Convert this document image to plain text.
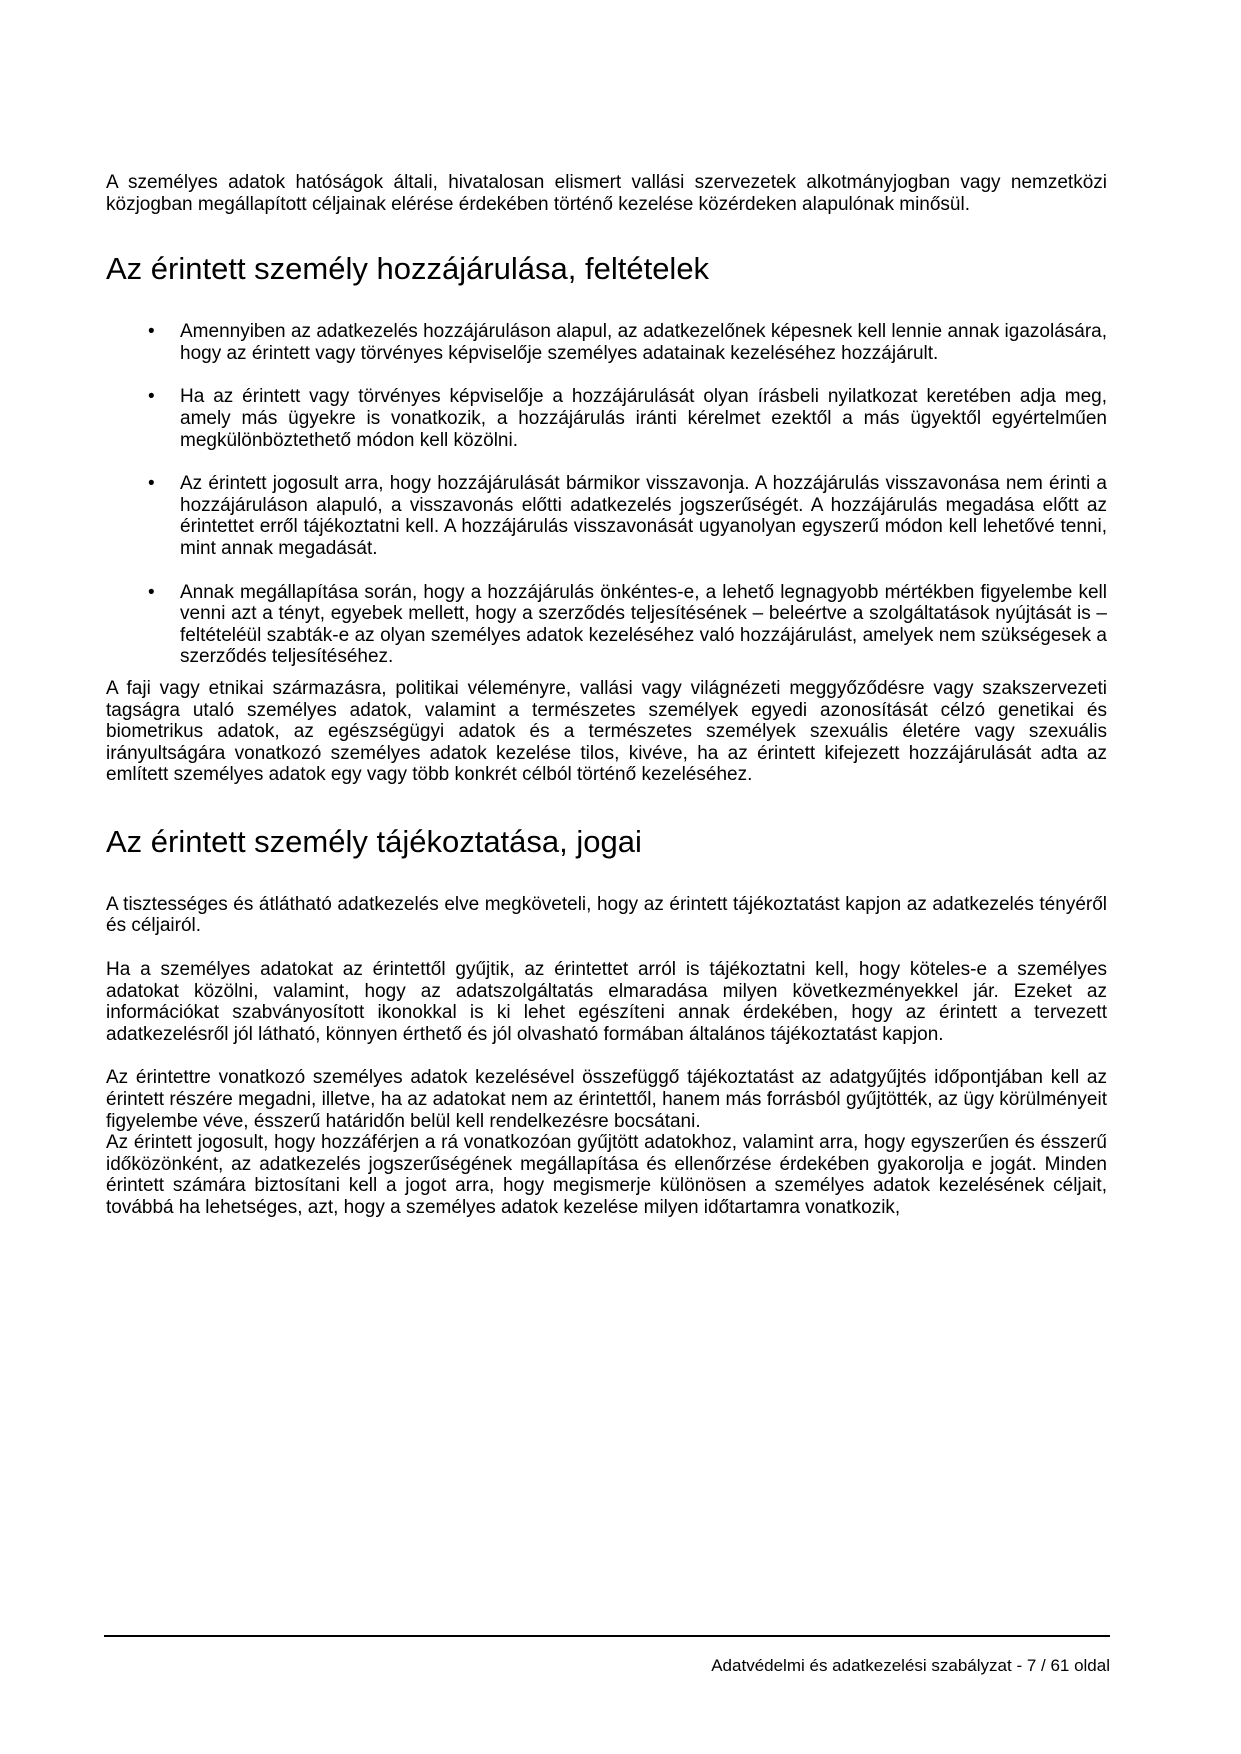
A személyes adatok hatóságok általi, hivatalosan elismert vallási szervezetek alkotmányjogban vagy nemzetközi közjogban megállapított céljainak elérése érdekében történő kezelése közérdeken alapulónak minősül.

Az érintett személy hozzájárulása, feltételek
• Amennyiben az adatkezelés hozzájáruláson alapul, az adatkezelőnek képesnek kell lennie annak igazolására, hogy az érintett vagy törvényes képviselője személyes adatainak kezeléséhez hozzájárult.

• Ha az érintett vagy törvényes képviselője a hozzájárulását olyan írásbeli nyilatkozat keretében adja meg, amely más ügyekre is vonatkozik, a hozzájárulás iránti kérelmet ezektől a más ügyektől egyértelműen megkülönböztethető módon kell közölni.

• Az érintett jogosult arra, hogy hozzájárulását bármikor visszavonja. A hozzájárulás visszavonása nem érinti a hozzájáruláson alapuló, a visszavonás előtti adatkezelés jogszerűségét. A hozzájárulás megadása előtt az érintettet erről tájékoztatni kell. A hozzájárulás visszavonását ugyanolyan egyszerű módon kell lehetővé tenni, mint annak megadását.

• Annak megállapítása során, hogy a hozzájárulás önkéntes-e, a lehető legnagyobb mértékben figyelembe kell venni azt a tényt, egyebek mellett, hogy a szerződés teljesítésének – beleértve a szolgáltatások nyújtását is – feltételéül szabták-e az olyan személyes adatok kezeléséhez való hozzájárulást, amelyek nem szükségesek a szerződés teljesítéséhez.

A faji vagy etnikai származásra, politikai véleményre, vallási vagy világnézeti meggyőződésre vagy szakszervezeti tagságra utaló személyes adatok, valamint a természetes személyek egyedi azonosítását célzó genetikai és biometrikus adatok, az egészségügyi adatok és a természetes személyek szexuális életére vagy szexuális irányultságára vonatkozó személyes adatok kezelése tilos, kivéve, ha az érintett kifejezett hozzájárulását adta az említett személyes adatok egy vagy több konkrét célból történő kezeléséhez.

Az érintett személy tájékoztatása, jogai

A tisztességes és átlátható adatkezelés elve megköveteli, hogy az érintett tájékoztatást kapjon az adatkezelés tényéről és céljairól.

Ha a személyes adatokat az érintettől gyűjtik, az érintettet arról is tájékoztatni kell, hogy köteles-e a személyes adatokat közölni, valamint, hogy az adatszolgáltatás elmaradása milyen következményekkel jár. Ezeket az információkat szabványosított ikonokkal is ki lehet egészíteni annak érdekében, hogy az érintett a tervezett adatkezelésről jól látható, könnyen érthető és jól olvasható formában általános tájékoztatást kapjon.

Az érintettre vonatkozó személyes adatok kezelésével összefüggő tájékoztatást az adatgyűjtés időpontjában kell az érintett részére megadni, illetve, ha az adatokat nem az érintettől, hanem más forrásból gyűjtötték, az ügy körülményeit figyelembe véve, ésszerű határidőn belül kell rendelkezésre bocsátani.

Az érintett jogosult, hogy hozzáférjen a rá vonatkozóan gyűjtött adatokhoz, valamint arra, hogy egyszerűen és ésszerű időközönként, az adatkezelés jogszerűségének megállapítása és ellenőrzése érdekében gyakorolja e jogát. Minden érintett számára biztosítani kell a jogot arra, hogy megismerje különösen a személyes adatok kezelésének céljait, továbbá ha lehetséges, azt, hogy a személyes adatok kezelése milyen időtartamra vonatkozik,

Adatvédelmi és adatkezelési szabályzat - 7 / 61 oldal
